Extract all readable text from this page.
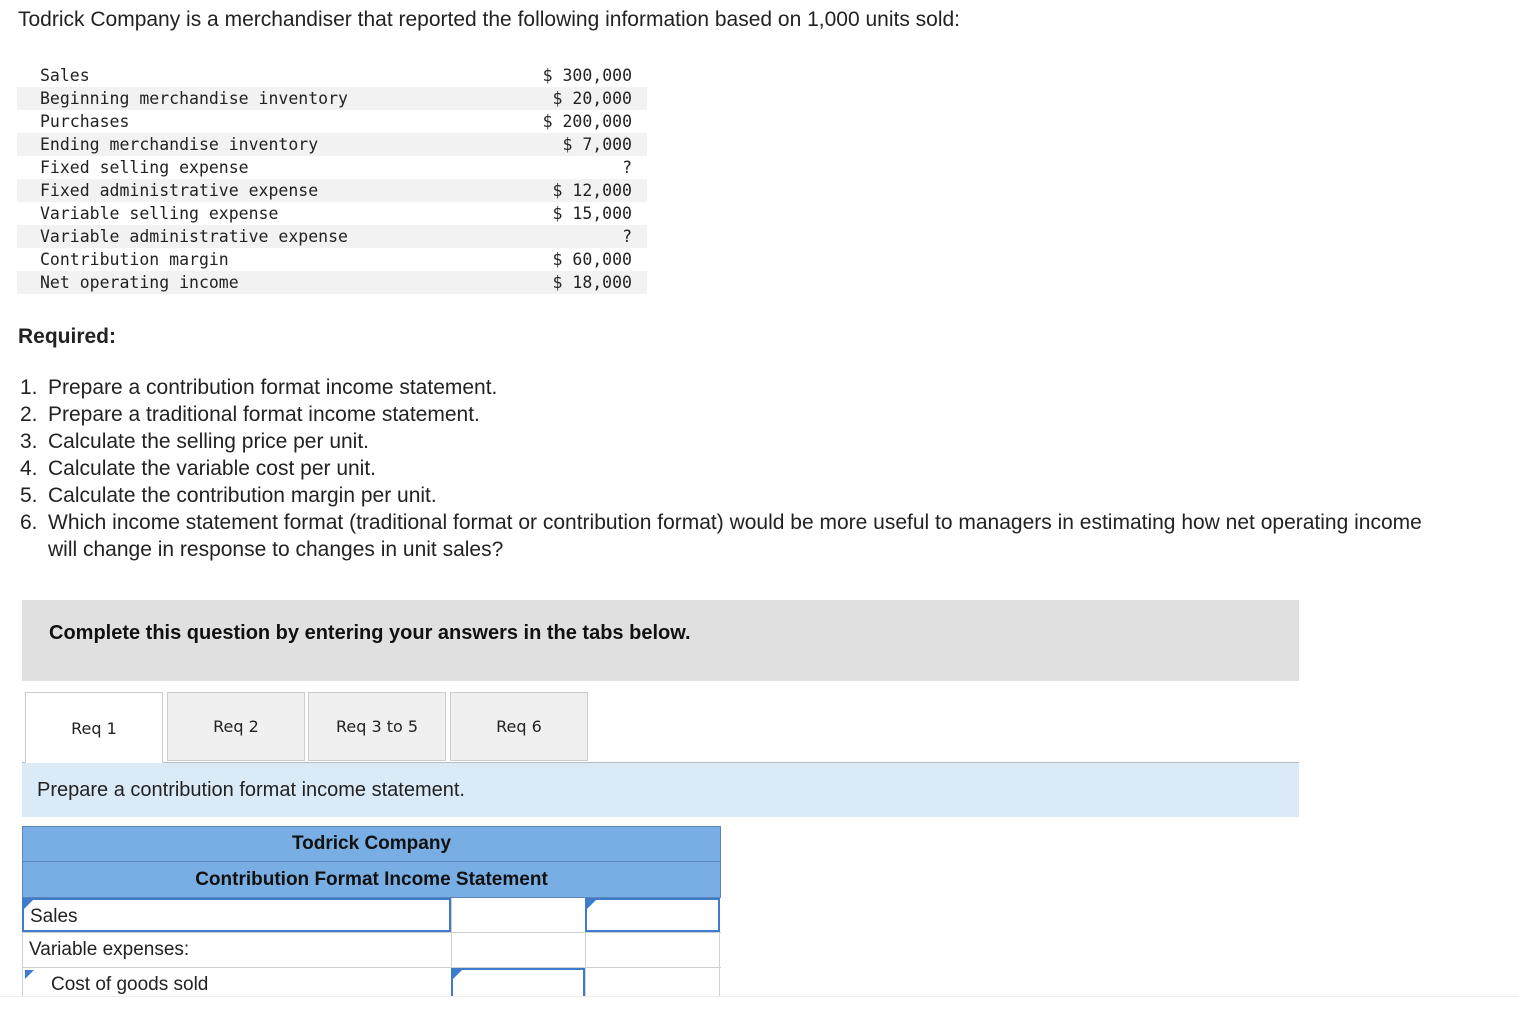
Todrick Company is a merchandiser that reported the following information based on 1,000 units sold:
Sales	$ 300,000
Beginning merchandise inventory	$ 20,000
Purchases	$ 200,000
Ending merchandise inventory	$ 7,000
Fixed selling expense	?
Fixed administrative expense	$ 12,000
Variable selling expense	$ 15,000
Variable administrative expense	?
Contribution margin	$ 60,000
Net operating income	$ 18,000
Required:
1. Prepare a contribution format income statement.
2. Prepare a traditional format income statement.
3. Calculate the selling price per unit.
4. Calculate the variable cost per unit.
5. Calculate the contribution margin per unit.
6. Which income statement format (traditional format or contribution format) would be more useful to managers in estimating how net operating income will change in response to changes in unit sales?
Complete this question by entering your answers in the tabs below.
Req 1	Req 2	Req 3 to 5	Req 6
Prepare a contribution format income statement.
Todrick Company
Contribution Format Income Statement
Sales
Variable expenses:
Cost of goods sold
